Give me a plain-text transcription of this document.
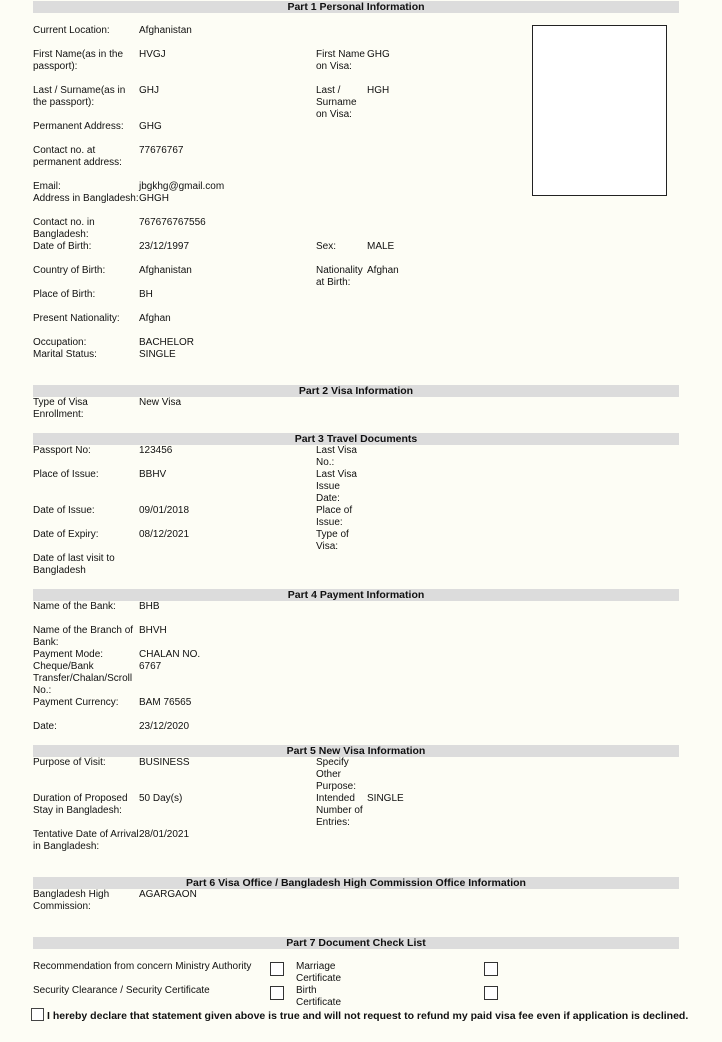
Part 1 Personal Information
Current Location:	Afghanistan
First Name(as in the passport):
HVGJ	First Name on Visa:
GHG
Last / Surname(as in the passport):
GHJ	Last / Surname on Visa:
HGH
Permanent Address:	GHG
Contact no. at permanent address:
77676767
Email:	jbgkhg@gmail.com
Address in Bangladesh: GHGH
Contact no. in Bangladesh:
767676767556
Date of Birth:	23/12/1997	Sex:	MALE
Country of Birth:	Afghanistan	Nationality at Birth:
Afghan
Place of Birth:	BH
Present Nationality:	Afghan
Occupation:	BACHELOR
Marital Status:	SINGLE
Part 2 Visa Information
Type of Visa Enrollment:
New Visa
Part 3 Travel Documents
Passport No:	123456	Last Visa No.:
Place of Issue:	BBHV	Last Visa Issue Date:
Date of Issue:	09/01/2018	Place of Issue:
Date of Expiry:	08/12/2021	Type of Visa:
Date of last visit to Bangladesh
Part 4 Payment Information
Name of the Bank:	BHB
Name of the Branch of Bank:
BHVH
Payment Mode:	CHALAN NO.
Cheque/Bank Transfer/Chalan/Scroll No.:
6767
Payment Currency:	BAM 76565
Date:	23/12/2020
Part 5 New Visa Information
Purpose of Visit:	BUSINESS	Specify Other Purpose:
Duration of Proposed Stay in Bangladesh:
50 Day(s)	Intended Number of Entries:
SINGLE
Tentative Date of Arrival in Bangladesh:
28/01/2021
Part 6 Visa Office / Bangladesh High Commission Office Information
Bangladesh High Commission:
AGARGAON
Part 7 Document Check List
Recommendation from concern Ministry Authority	Marriage Certificate
Security Clearance / Security Certificate	Birth Certificate
I hereby declare that statement given above is true and will not request to refund my paid visa fee even if application is declined.
